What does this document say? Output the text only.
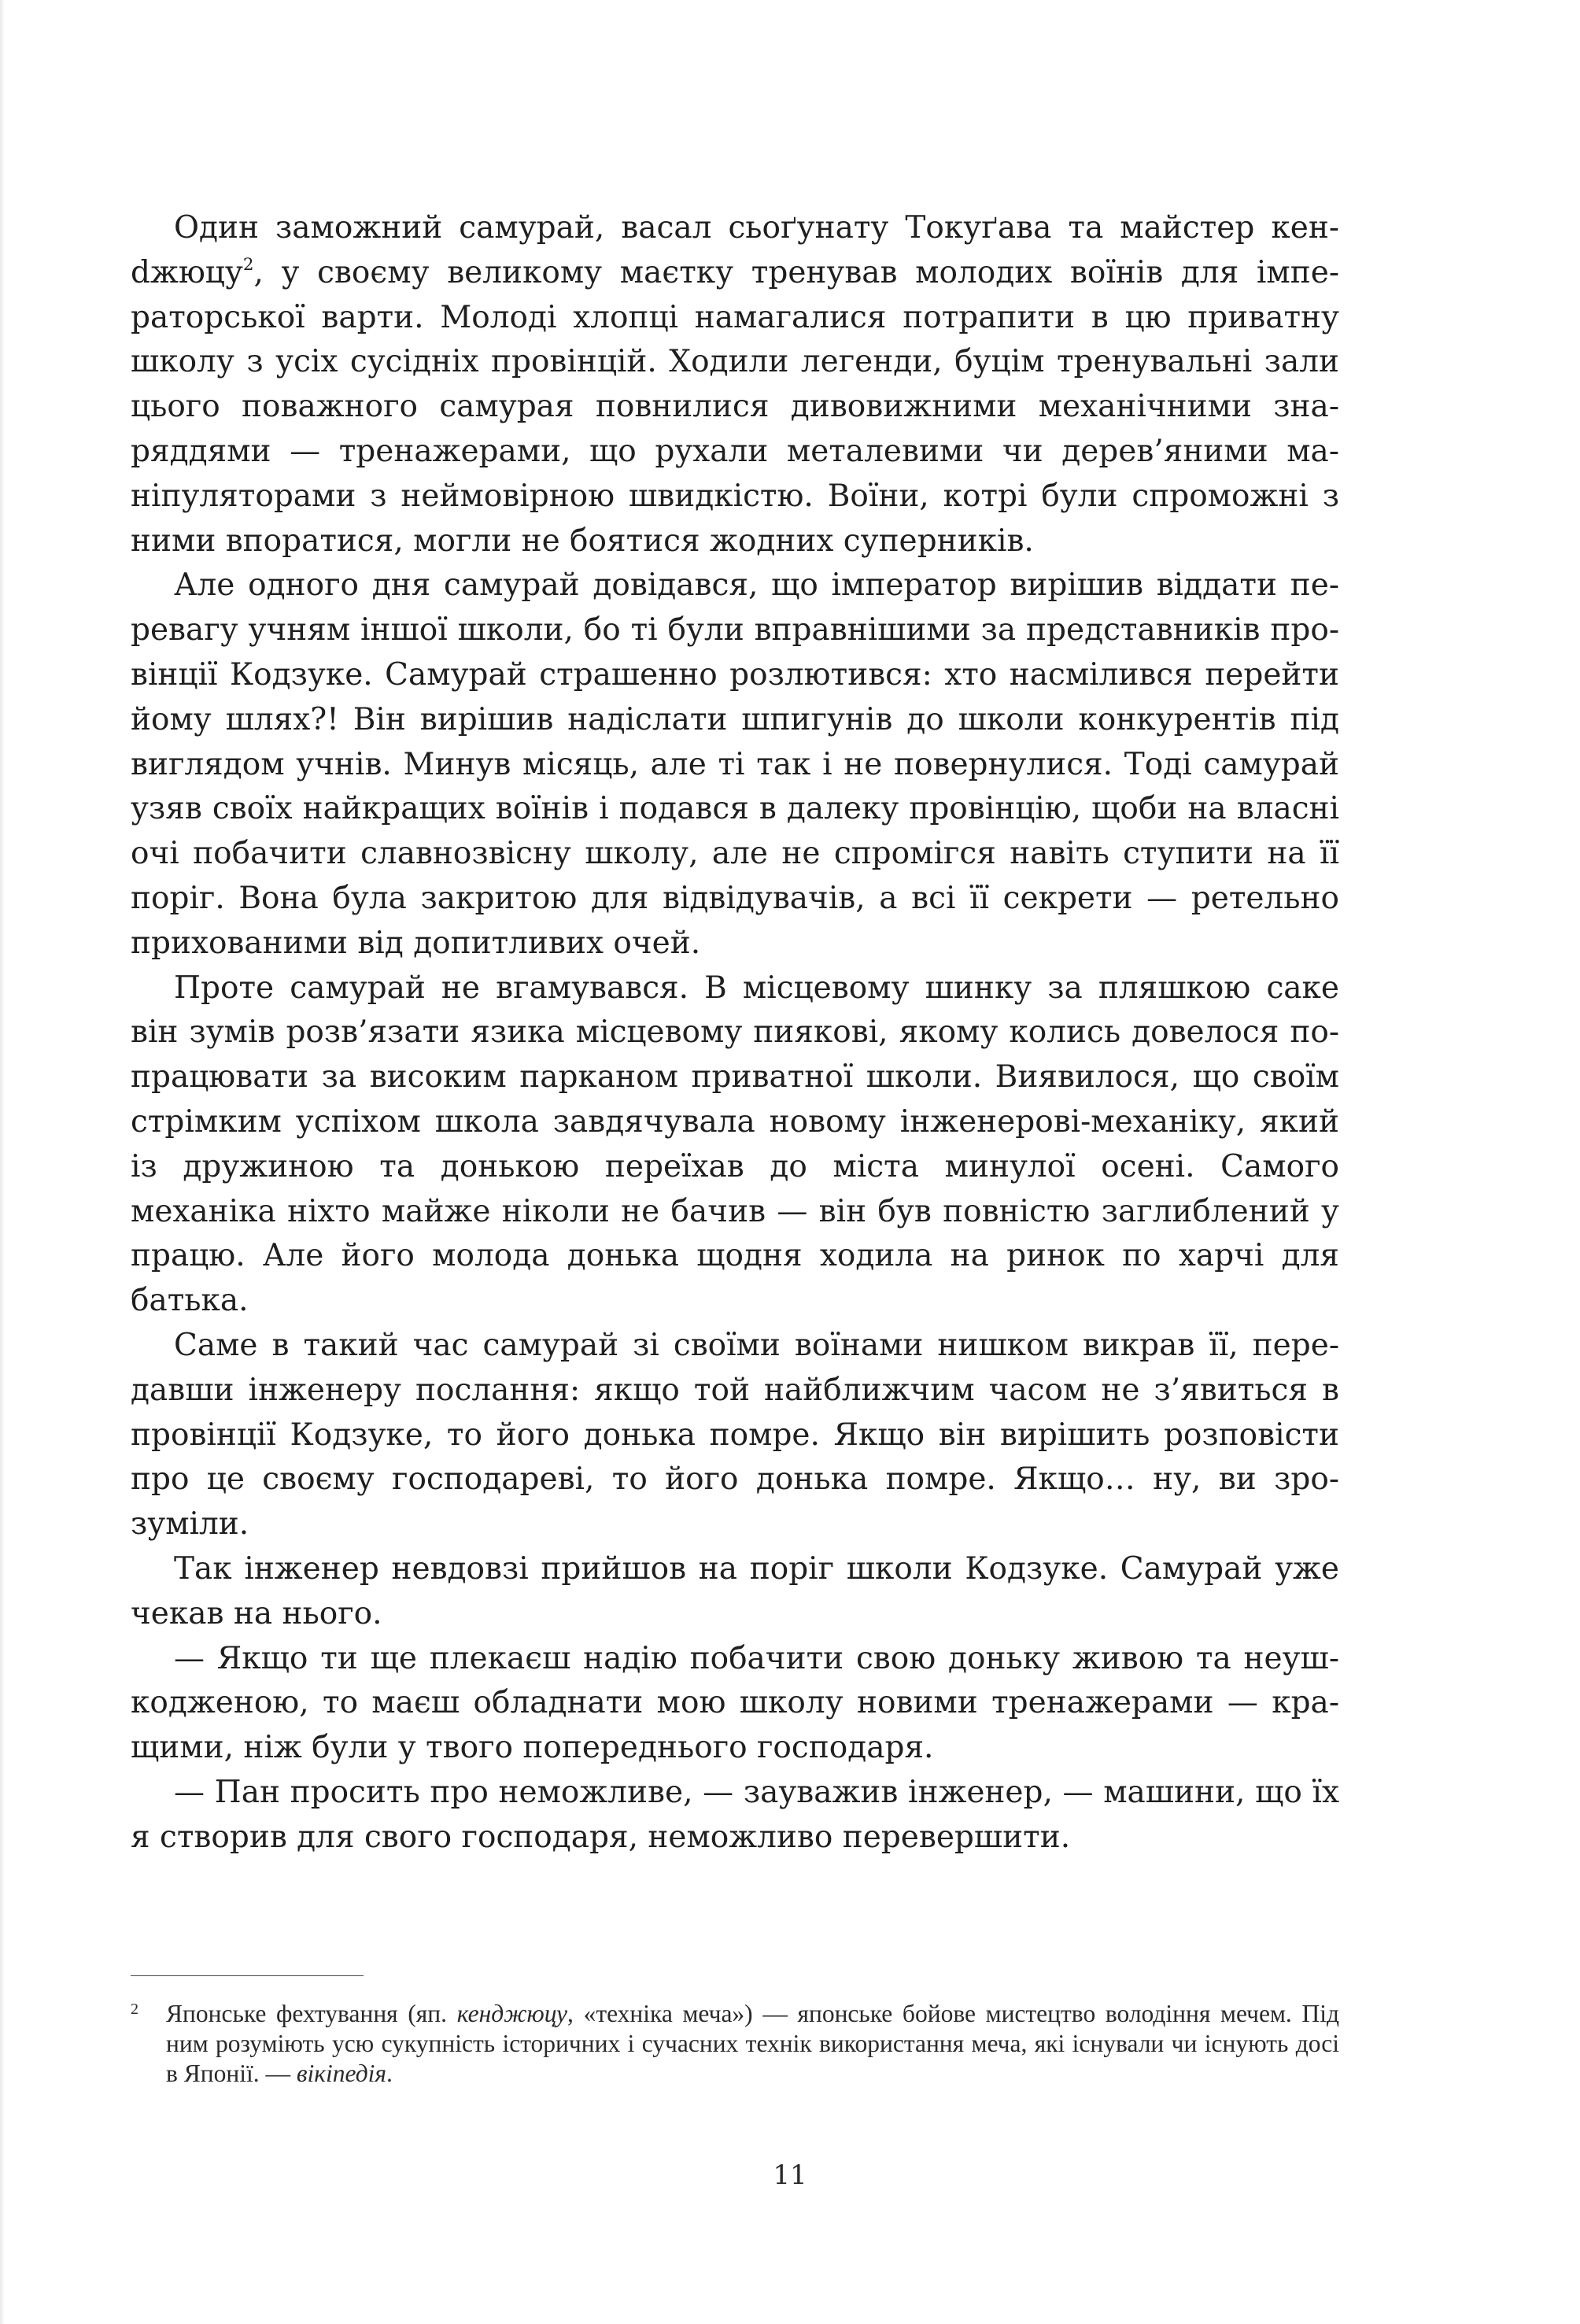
Один заможний самурай, васал сьоґунату Токуґава та майстер кенdжюцу$^2$, у своєму великому маєтку тренував молодих воїнів для імператорської варти. Молоді хлопці намагалися потрапити в цю приватну школу з усіх сусідніх провінцій. Ходили легенди, буцім тренувальні зали цього поважного самурая повнилися дивовижними механічними знаряддями — тренажерами, що рухали металевими чи дерев’яними маніпуляторами з неймовірною швидкістю. Воїни, котрі були спроможні з ними впоратися, могли не боятися жодних суперників.

Але одного дня самурай довідався, що імператор вирішив віддати перевагу учням іншої школи, бо ті були вправнішими за представників провінції Кодзуке. Самурай страшенно розлютився: хто насмілився перейти йому шлях?! Він вирішив надіслати шпигунів до школи конкурентів під виглядом учнів. Минув місяць, але ті так і не повернулися. Тоді самурай узяв своїх найкращих воїнів і подався в далеку провінцію, щоби на власні очі побачити славнозвісну школу, але не спромігся навіть ступити на її поріг. Вона була закритою для відвідувачів, а всі її секрети — ретельно прихованими від допитливих очей.

Проте самурай не вгамувався. В місцевому шинку за пляшкою саке він зумів розв’язати язика місцевому пиякові, якому колись довелося попрацювати за високим парканом приватної школи. Виявилося, що своїм стрімким успіхом школа завдячувала новому інженерові-механіку, який із дружиною та донькою переїхав до міста минулої осені. Самого механіка ніхто майже ніколи не бачив — він був повністю заглиблений у працю. Але його молода донька щодня ходила на ринок по харчі для батька.

Саме в такий час самурай зі своїми воїнами нишком викрав її, передавши інженеру послання: якщо той найближчим часом не з’явиться в провінції Кодзуке, то його донька помре. Якщо він вирішить розповісти про це своєму господареві, то його донька помре. Якщо… ну, ви зрозуміли.

Так інженер невдовзі прийшов на поріг школи Кодзуке. Самурай уже чекав на нього.

— Якщо ти ще плекаєш надію побачити свою доньку живою та неушкодженою, то маєш обладнати мою школу новими тренажерами — кращими, ніж були у твого попереднього господаря.

— Пан просить про неможливе, — зауважив інженер, — машини, що їх я створив для свого господаря, неможливо перевершити.

2 Японське фехтування (яп. кенджюцу, «техніка меча») — японське бойове мистецтво володіння мечем. Під ним розуміють усю сукупність історичних і сучасних технік використання меча, які існували чи існують досі в Японії. — вікіпедія.
11
